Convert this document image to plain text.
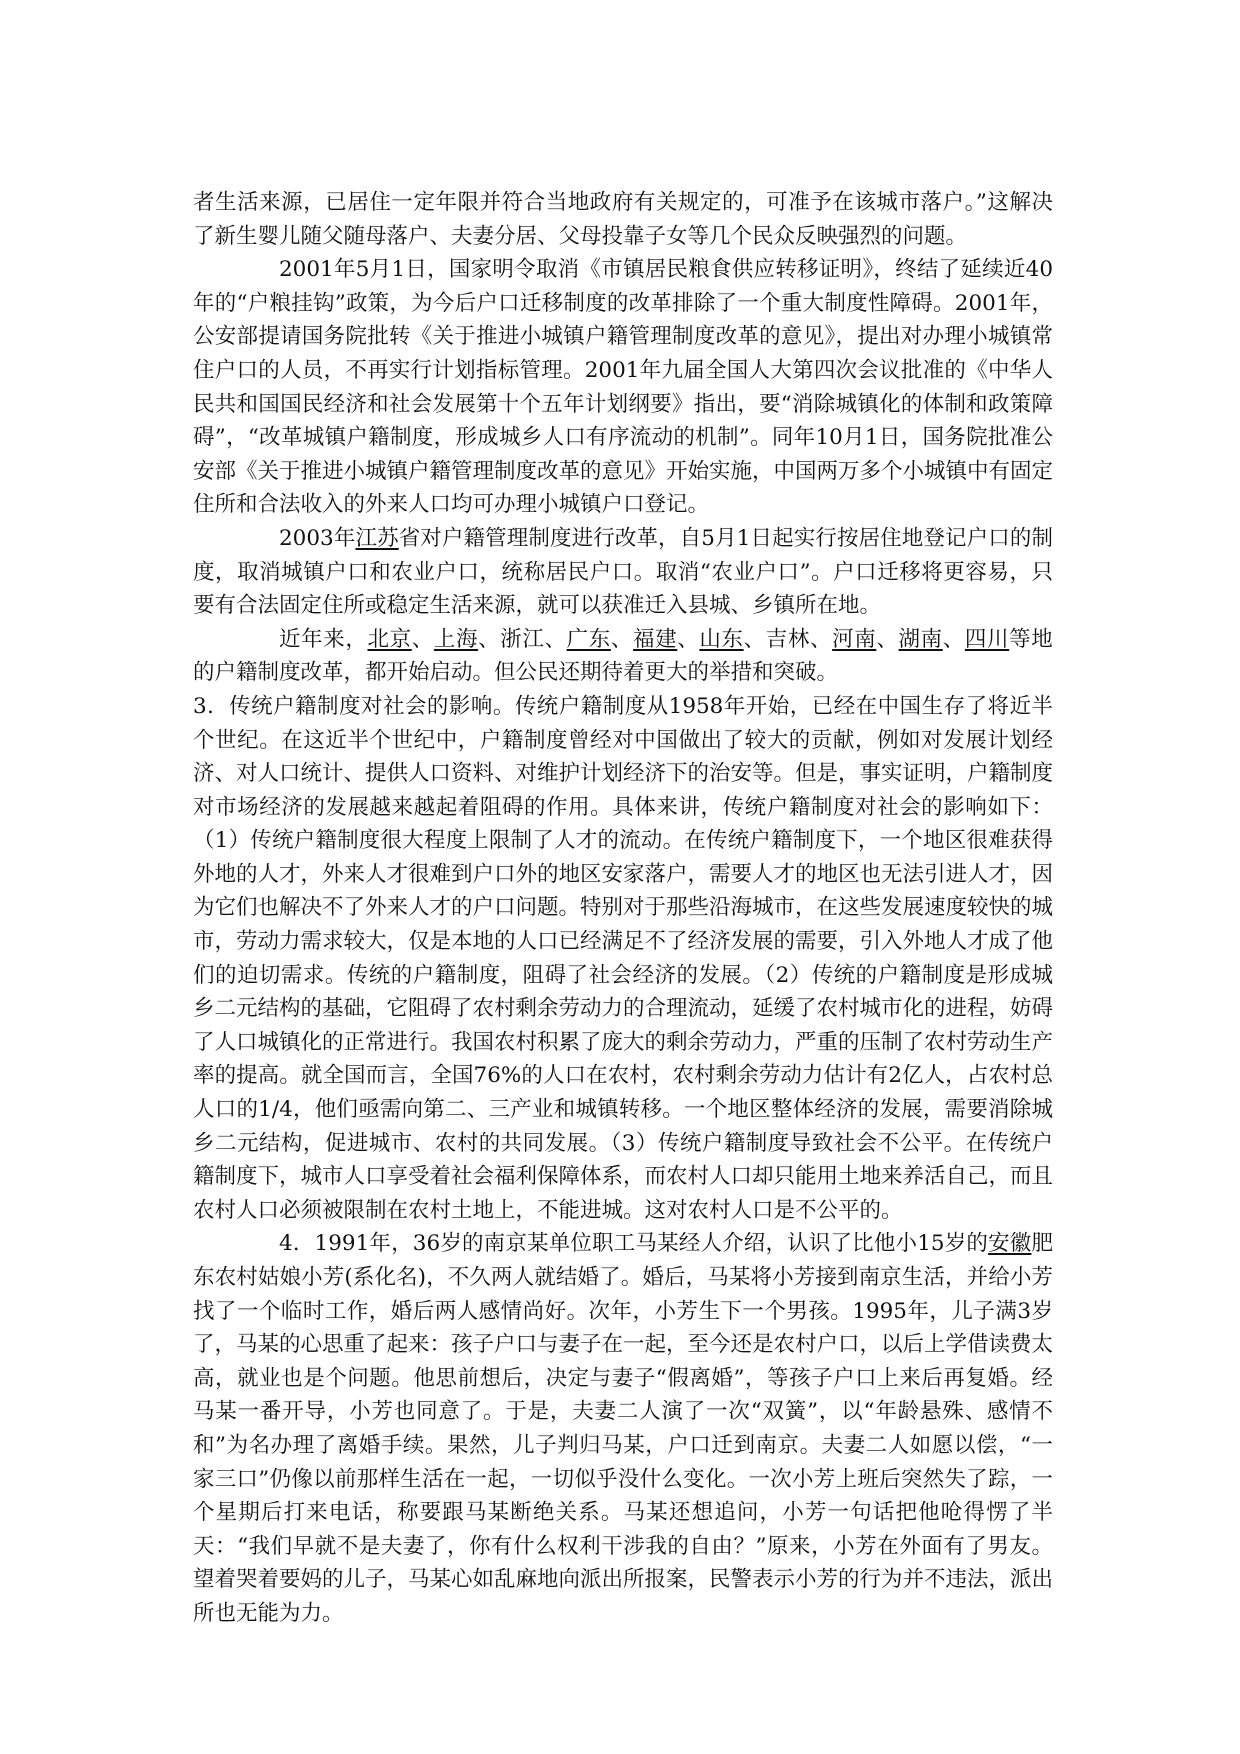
者生活来源，已居住一定年限并符合当地政府有关规定的，可准予在该城市落户。”这解决了新生婴儿随父随母落户、夫妻分居、父母投靠子女等几个民众反映强烈的问题。

2001年5月1日，国家明令取消《市镇居民粮食供应转移证明》，终结了延续近40年的“户粮挂钩”政策，为今后户口迁移制度的改革排除了一个重大制度性障碍。2001年，公安部提请国务院批转《关于推进小城镇户籍管理制度改革的意见》，提出对办理小城镇常住户口的人员，不再实行计划指标管理。2001年九届全国人大第四次会议批准的《中华人民共和国国民经济和社会发展第十个五年计划纲要》指出，要“消除城镇化的体制和政策障碍”，“改革城镇户籍制度，形成城乡人口有序流动的机制”。同年10月1日，国务院批准公安部《关于推进小城镇户籍管理制度改革的意见》开始实施，中国两万多个小城镇中有固定住所和合法收入的外来人口均可办理小城镇户口登记。

2003年江苏省对户籍管理制度进行改革，自5月1日起实行按居住地登记户口的制度，取消城镇户口和农业户口，统称居民户口。取消“农业户口”。户口迁移将更容易，只要有合法固定住所或稳定生活来源，就可以获准迁入县城、乡镇所在地。

近年来，北京、上海、浙江、广东、福建、山东、吉林、河南、湖南、四川等地的户籍制度改革，都开始启动。但公民还期待着更大的举措和突破。

3．传统户籍制度对社会的影响。传统户籍制度从1958年开始，已经在中国生存了将近半个世纪。在这近半个世纪中，户籍制度曾经对中国做出了较大的贡献，例如对发展计划经济、对人口统计、提供人口资料、对维护计划经济下的治安等。但是，事实证明，户籍制度对市场经济的发展越来越起着阻碍的作用。具体来讲，传统户籍制度对社会的影响如下：（1）传统户籍制度很大程度上限制了人才的流动。在传统户籍制度下，一个地区很难获得外地的人才，外来人才很难到户口外的地区安家落户，需要人才的地区也无法引进人才，因为它们也解决不了外来人才的户口问题。特别对于那些沿海城市，在这些发展速度较快的城市，劳动力需求较大，仅是本地的人口已经满足不了经济发展的需要，引入外地人才成了他们的迫切需求。传统的户籍制度，阻碍了社会经济的发展。（2）传统的户籍制度是形成城乡二元结构的基础，它阻碍了农村剩余劳动力的合理流动，延缓了农村城市化的进程，妨碍了人口城镇化的正常进行。我国农村积累了庞大的剩余劳动力，严重的压制了农村劳动生产率的提高。就全国而言，全国76%的人口在农村，农村剩余劳动力估计有2亿人，占农村总人口的1/4，他们亟需向第二、三产业和城镇转移。一个地区整体经济的发展，需要消除城乡二元结构，促进城市、农村的共同发展。（3）传统户籍制度导致社会不公平。在传统户籍制度下，城市人口享受着社会福利保障体系，而农村人口却只能用土地来养活自己，而且农村人口必须被限制在农村土地上，不能进城。这对农村人口是不公平的。

4．1991年，36岁的南京某单位职工马某经人介绍，认识了比他小15岁的安徽肥东农村姑娘小芳(系化名)，不久两人就结婚了。婚后，马某将小芳接到南京生活，并给小芳找了一个临时工作，婚后两人感情尚好。次年，小芳生下一个男孩。1995年，儿子满3岁了，马某的心思重了起来：孩子户口与妻子在一起，至今还是农村户口，以后上学借读费太高，就业也是个问题。他思前想后，决定与妻子“假离婚”，等孩子户口上来后再复婚。经马某一番开导，小芳也同意了。于是，夫妻二人演了一次“双簧”，以“年龄悬殊、感情不和”为名办理了离婚手续。果然，儿子判归马某，户口迁到南京。夫妻二人如愿以偿，“一家三口”仍像以前那样生活在一起，一切似乎没什么变化。一次小芳上班后突然失了踪，一个星期后打来电话，称要跟马某断绝关系。马某还想追问，小芳一句话把他呛得愣了半天：“我们早就不是夫妻了，你有什么权利干涉我的自由？”原来，小芳在外面有了男友。望着哭着要妈的儿子，马某心如乱麻地向派出所报案，民警表示小芳的行为并不违法，派出所也无能为力。
